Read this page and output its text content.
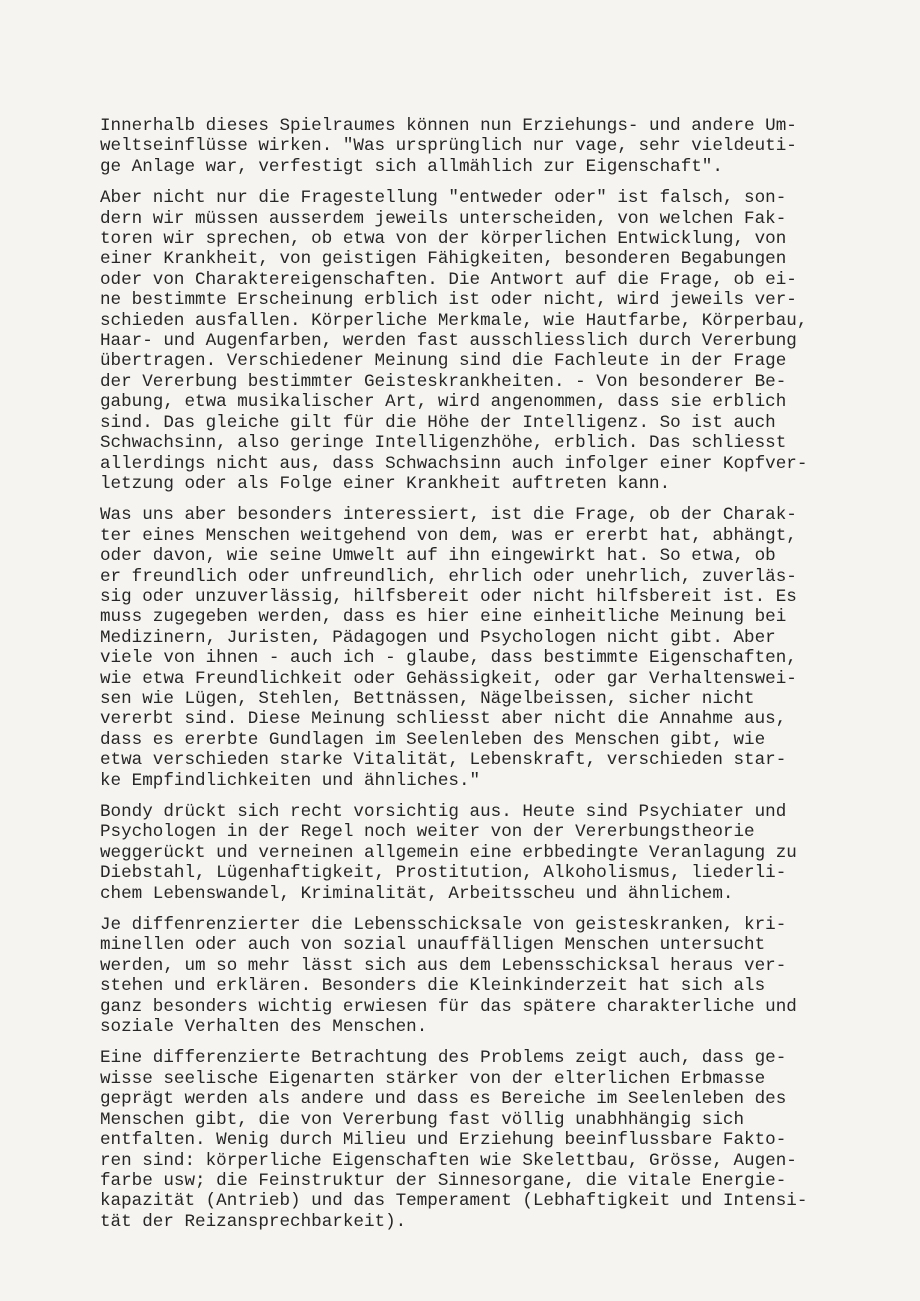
Innerhalb dieses Spielraumes können nun Erziehungs- und andere Um-
weltseinflüsse wirken. "Was ursprünglich nur vage, sehr vieldeuti-
ge Anlage war, verfestigt sich allmählich zur Eigenschaft".
Aber nicht nur die Fragestellung "entweder oder" ist falsch, son-
dern wir müssen ausserdem jeweils unterscheiden, von welchen Fak-
toren wir sprechen, ob etwa von der körperlichen Entwicklung, von
einer Krankheit, von geistigen Fähigkeiten, besonderen Begabungen
oder von Charaktereigenschaften. Die Antwort auf die Frage, ob ei-
ne bestimmte Erscheinung erblich ist oder nicht, wird jeweils ver-
schieden ausfallen. Körperliche Merkmale, wie Hautfarbe, Körperbau,
Haar- und Augenfarben, werden fast ausschliesslich durch Vererbung
übertragen. Verschiedener Meinung sind die Fachleute in der Frage
der Vererbung bestimmter Geisteskrankheiten. - Von besonderer Be-
gabung, etwa musikalischer Art, wird angenommen, dass sie erblich
sind. Das gleiche gilt für die Höhe der Intelligenz. So ist auch
Schwachsinn, also geringe Intelligenzhöhe, erblich. Das schliesst
allerdings nicht aus, dass Schwachsinn auch infolger einer Kopfver-
letzung oder als Folge einer Krankheit auftreten kann.
Was uns aber besonders interessiert, ist die Frage, ob der Charak-
ter eines Menschen weitgehend von dem, was er ererbt hat, abhängt,
oder davon, wie seine Umwelt auf ihn eingewirkt hat. So etwa, ob
er freundlich oder unfreundlich, ehrlich oder unehrlich, zuverläs-
sig oder unzuverlässig, hilfsbereit oder nicht hilfsbereit ist. Es
muss zugegeben werden, dass es hier eine einheitliche Meinung bei
Medizinern, Juristen, Pädagogen und Psychologen nicht gibt. Aber
viele von ihnen - auch ich - glaube, dass bestimmte Eigenschaften,
wie etwa Freundlichkeit oder Gehässigkeit, oder gar Verhaltenswei-
sen wie Lügen, Stehlen, Bettnässen, Nägelbeissen, sicher nicht
vererbt sind. Diese Meinung schliesst aber nicht die Annahme aus,
dass es ererbte Gundlagen im Seelenleben des Menschen gibt, wie
etwa verschieden starke Vitalität, Lebenskraft, verschieden star-
ke Empfindlichkeiten und ähnliches."
Bondy drückt sich recht vorsichtig aus. Heute sind Psychiater und
Psychologen in der Regel noch weiter von der Vererbungstheorie
weggerückt und verneinen allgemein eine erbbedingte Veranlagung zu
Diebstahl, Lügenhaftigkeit, Prostitution, Alkoholismus, liederli-
chem Lebenswandel, Kriminalität, Arbeitsscheu und ähnlichem.
Je diffenrenzierter die Lebensschicksale von geisteskranken, kri-
minellen oder auch von sozial unauffälligen Menschen untersucht
werden, um so mehr lässt sich aus dem Lebensschicksal heraus ver-
stehen und erklären. Besonders die Kleinkinderzeit hat sich als
ganz besonders wichtig erwiesen für das spätere charakterliche und
soziale Verhalten des Menschen.
Eine differenzierte Betrachtung des Problems zeigt auch, dass ge-
wisse seelische Eigenarten stärker von der elterlichen Erbmasse
geprägt werden als andere und dass es Bereiche im Seelenleben des
Menschen gibt, die von Vererbung fast völlig unabhhängig sich
entfalten. Wenig durch Milieu und Erziehung beeinflussbare Fakto-
ren sind: körperliche Eigenschaften wie Skelettbau, Grösse, Augen-
farbe usw; die Feinstruktur der Sinnesorgane, die vitale Energie-
kapazität (Antrieb) und das Temperament (Lebhaftigkeit und Intensi-
tät der Reizansprechbarkeit).
